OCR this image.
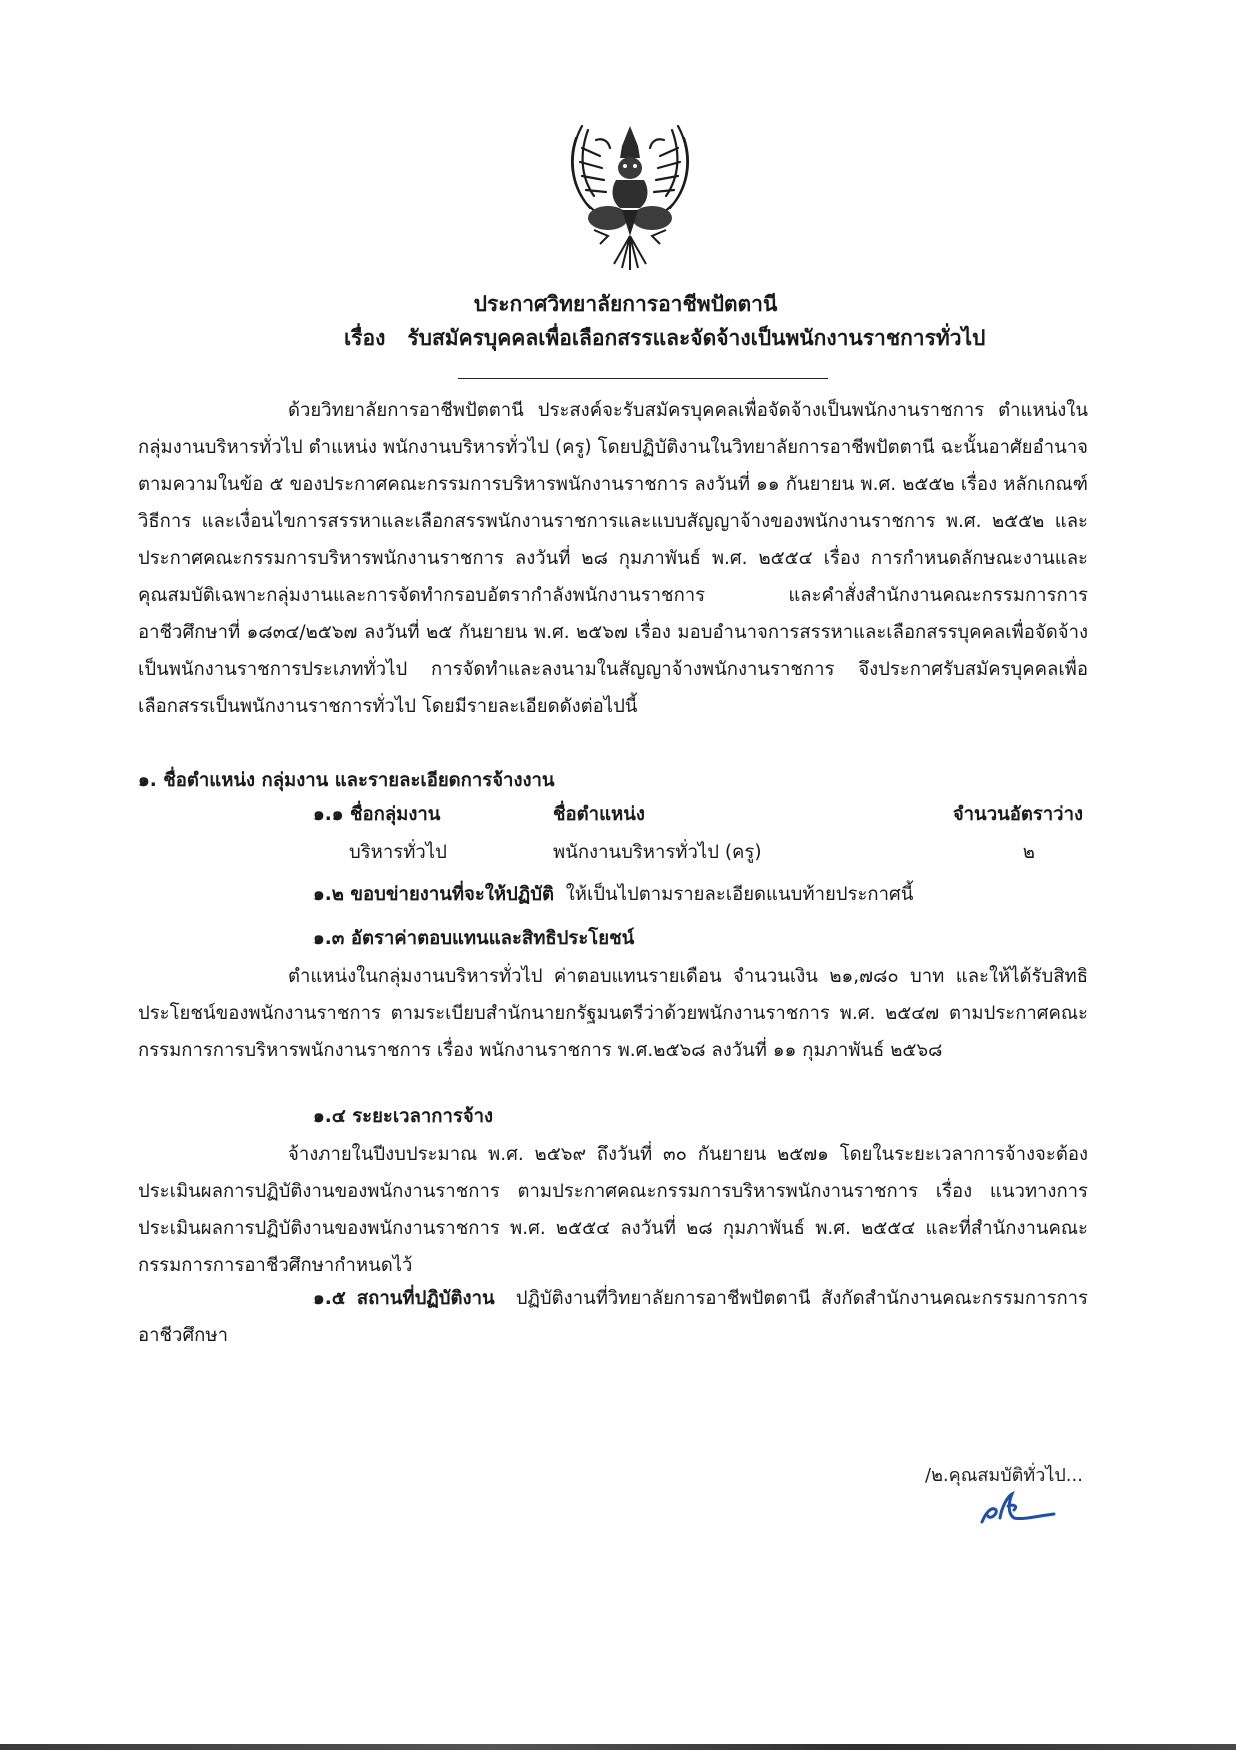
ประกาศวิทยาลัยการอาชีพปัตตานี
เรื่อง รับสมัครบุคคลเพื่อเลือกสรรและจัดจ้างเป็นพนักงานราชการทั่วไป

ด้วยวิทยาลัยการอาชีพปัตตานี ประสงค์จะรับสมัครบุคคลเพื่อจัดจ้างเป็นพนักงานราชการ ตำแหน่งในกลุ่มงานบริหารทั่วไป ตำแหน่ง พนักงานบริหารทั่วไป (ครู) โดยปฏิบัติงานในวิทยาลัยการอาชีพปัตตานี ฉะนั้นอาศัยอำนาจตามความในข้อ ๕ ของประกาศคณะกรรมการบริหารพนักงานราชการ ลงวันที่ ๑๑ กันยายน พ.ศ. ๒๕๕๒ เรื่อง หลักเกณฑ์ วิธีการ และเงื่อนไขการสรรหาและเลือกสรรพนักงานราชการและแบบสัญญาจ้างของพนักงานราชการ พ.ศ. ๒๕๕๒ และประกาศคณะกรรมการบริหารพนักงานราชการ ลงวันที่ ๒๘ กุมภาพันธ์ พ.ศ. ๒๕๕๔ เรื่อง การกำหนดลักษณะงานและคุณสมบัติเฉพาะกลุ่มงานและการจัดทำกรอบอัตรากำลังพนักงานราชการ และคำสั่งสำนักงานคณะกรรมการการอาชีวศึกษาที่ ๑๘๓๔/๒๕๖๗ ลงวันที่ ๒๕ กันยายน พ.ศ. ๒๕๖๗ เรื่อง มอบอำนาจการสรรหาและเลือกสรรบุคคลเพื่อจัดจ้างเป็นพนักงานราชการประเภททั่วไป การจัดทำและลงนามในสัญญาจ้างพนักงานราชการ จึงประกาศรับสมัครบุคคลเพื่อเลือกสรรเป็นพนักงานราชการทั่วไป โดยมีรายละเอียดดังต่อไปนี้

๑. ชื่อตำแหน่ง กลุ่มงาน และรายละเอียดการจ้างงาน
๑.๑ ชื่อกลุ่มงาน	ชื่อตำแหน่ง	จำนวนอัตราว่าง
บริหารทั่วไป	พนักงานบริหารทั่วไป (ครู)	๒
๑.๒ ขอบข่ายงานที่จะให้ปฏิบัติ ให้เป็นไปตามรายละเอียดแนบท้ายประกาศนี้
๑.๓ อัตราค่าตอบแทนและสิทธิประโยชน์

ตำแหน่งในกลุ่มงานบริหารทั่วไป ค่าตอบแทนรายเดือน จำนวนเงิน ๒๑,๗๘๐ บาท และให้ได้รับสิทธิประโยชน์ของพนักงานราชการ ตามระเบียบสำนักนายกรัฐมนตรีว่าด้วยพนักงานราชการ พ.ศ. ๒๕๔๗ ตามประกาศคณะกรรมการการบริหารพนักงานราชการ เรื่อง พนักงานราชการ พ.ศ.๒๕๖๘ ลงวันที่ ๑๑ กุมภาพันธ์ ๒๕๖๘

๑.๔ ระยะเวลาการจ้าง

จ้างภายในปีงบประมาณ พ.ศ. ๒๕๖๙ ถึงวันที่ ๓๐ กันยายน ๒๕๗๑ โดยในระยะเวลาการจ้างจะต้องประเมินผลการปฏิบัติงานของพนักงานราชการ ตามประกาศคณะกรรมการบริหารพนักงานราชการ เรื่อง แนวทางการประเมินผลการปฏิบัติงานของพนักงานราชการ พ.ศ. ๒๕๕๔ ลงวันที่ ๒๘ กุมภาพันธ์ พ.ศ. ๒๕๕๔ และที่สำนักงานคณะกรรมการการอาชีวศึกษากำหนดไว้

๑.๕ สถานที่ปฏิบัติงาน ปฏิบัติงานที่วิทยาลัยการอาชีพปัตตานี สังกัดสำนักงานคณะกรรมการการอาชีวศึกษา

/๒.คุณสมบัติทั่วไป...
